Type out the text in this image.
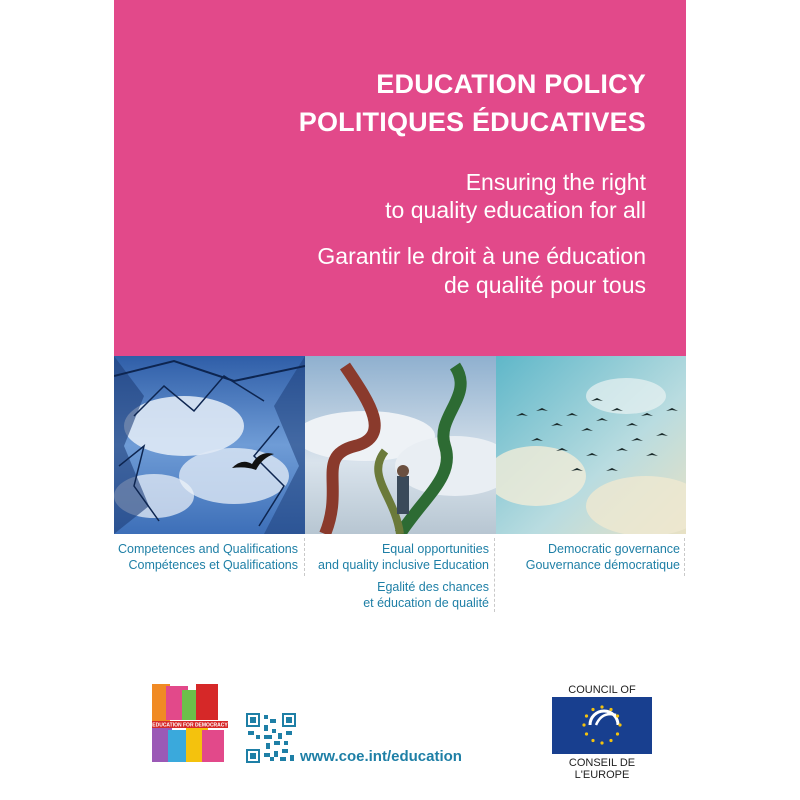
EDUCATION POLICY
POLITIQUES ÉDUCATIVES
Ensuring the right
to quality education for all
Garantir le droit à une éducation
de qualité pour tous
Competences and Qualifications
Compétences et Qualifications
Equal opportunities
and quality inclusive Education
Egalité des chances
et éducation de qualité
Democratic governance
Gouvernance démocratique
EDUCATION FOR DEMOCRACY
www.coe.int/education
COUNCIL OF
CONSEIL DE L'EUROPE
